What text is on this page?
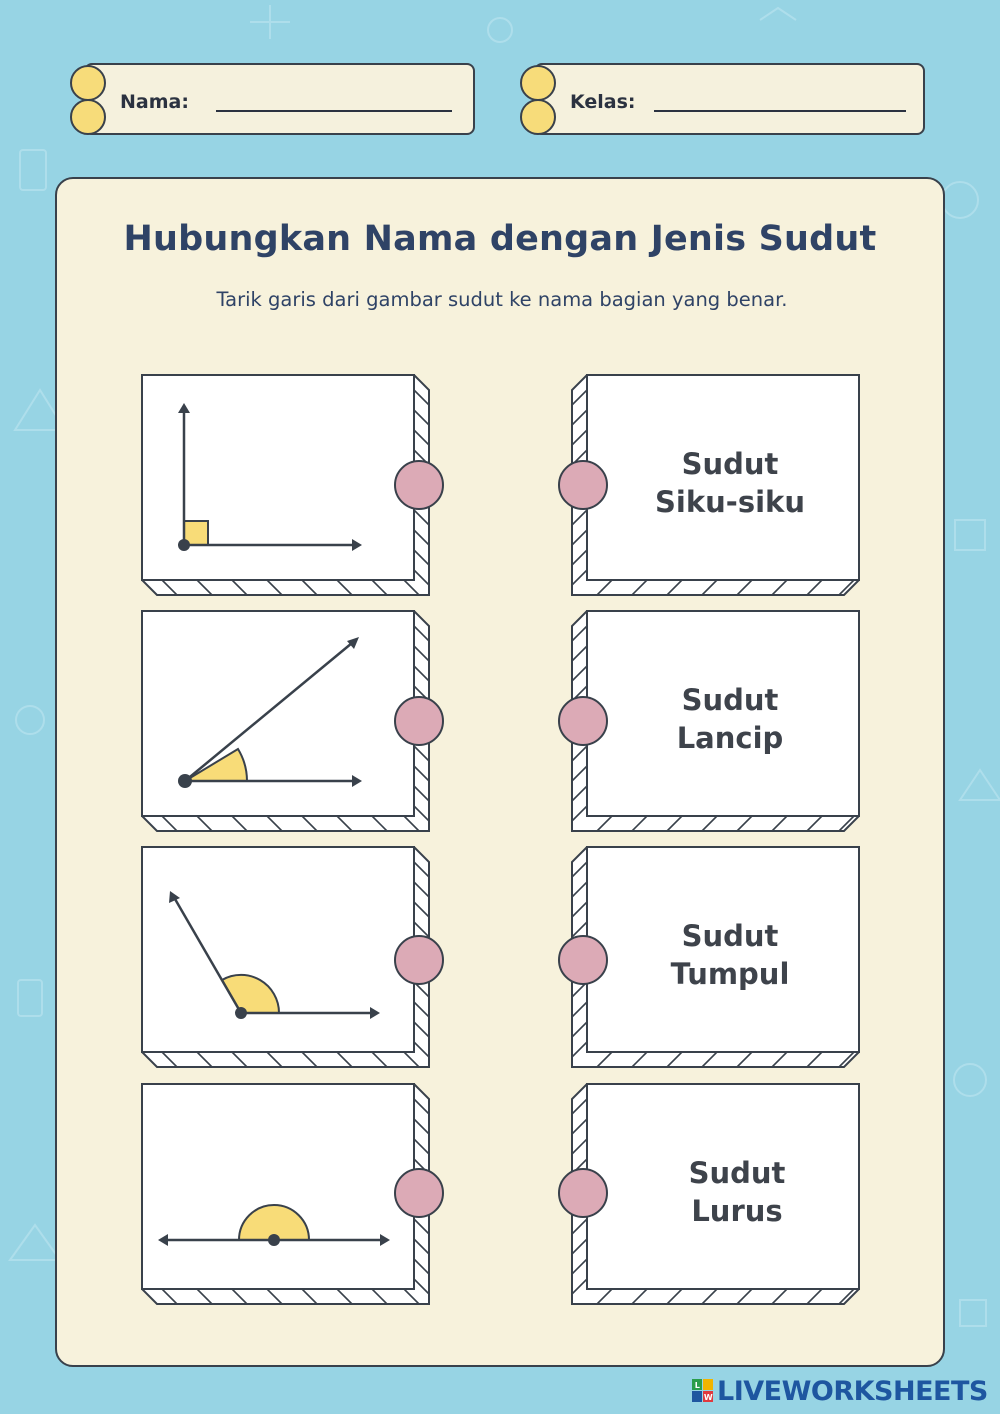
Nama:	Kelas:
Hubungkan Nama dengan Jenis Sudut

Tarik garis dari gambar sudut ke nama bagian yang benar.

Sudut
Siku-siku
Sudut
Lancip
Sudut
Tumpul
Sudut
Lurus
L
W LIVEWORKSHEETS
